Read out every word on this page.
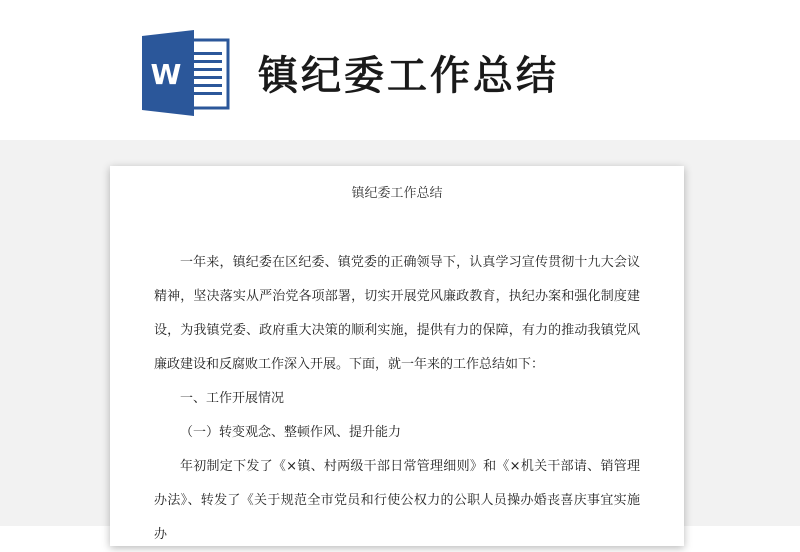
W 镇纪委工作总结
镇纪委工作总结

一年来，镇纪委在区纪委、镇党委的正确领导下，认真学习宣传贯彻十九大会议精神，坚决落实从严治党各项部署，切实开展党风廉政教育，执纪办案和强化制度建设，为我镇党委、政府重大决策的顺利实施，提供有力的保障，有力的推动我镇党风廉政建设和反腐败工作深入开展。下面，就一年来的工作总结如下：

一、工作开展情况

（一）转变观念、整顿作风、提升能力

年初制定下发了《×镇、村两级干部日常管理细则》和《×机关干部请、销管理办法》、转发了《关于规范全市党员和行使公权力的公职人员操办婚丧喜庆事宜实施办
